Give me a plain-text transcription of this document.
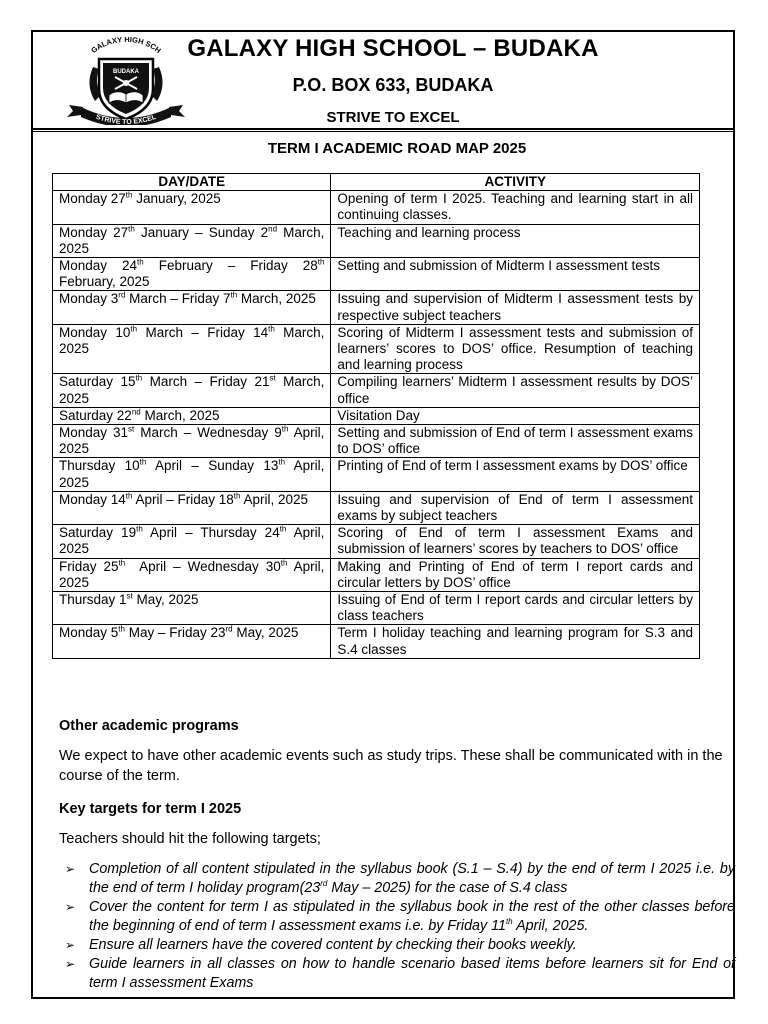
GALAXY HIGH SCH
BUDAKA
STRIVE TO EXCEL
GALAXY HIGH SCHOOL – BUDAKA
P.O. BOX 633, BUDAKA
STRIVE TO EXCEL
TERM I ACADEMIC ROAD MAP 2025
DAY/DATE	ACTIVITY
Monday 27th January, 2025	Opening of term I 2025. Teaching and learning start in all continuing classes.
Monday 27th January – Sunday 2nd March, 2025	Teaching and learning process
Monday 24th February – Friday 28th February, 2025	Setting and submission of Midterm I assessment tests
Monday 3rd March – Friday 7th March, 2025	Issuing and supervision of Midterm I assessment tests by respective subject teachers
Monday 10th March – Friday 14th March, 2025	Scoring of Midterm I assessment tests and submission of learners’ scores to DOS’ office. Resumption of teaching and learning process
Saturday 15th March – Friday 21st March, 2025	Compiling learners’ Midterm I assessment results by DOS’ office
Saturday 22nd March, 2025	Visitation Day
Monday 31st March – Wednesday 9th April, 2025	Setting and submission of End of term I assessment exams to DOS’ office
Thursday 10th April – Sunday 13th April, 2025	Printing of End of term I assessment exams by DOS’ office
Monday 14th April – Friday 18th April, 2025	Issuing and supervision of End of term I assessment exams by subject teachers
Saturday 19th April – Thursday 24th April, 2025	Scoring of End of term I assessment Exams and submission of learners’ scores by teachers to DOS’ office
Friday 25th  April – Wednesday 30th April, 2025	Making and Printing of End of term I report cards and circular letters by DOS’ office
Thursday 1st May, 2025	Issuing of End of term I report cards and circular letters by class teachers
Monday 5th May – Friday 23rd May, 2025	Term I holiday teaching and learning program for S.3 and S.4 classes
Other academic programs
We expect to have other academic events such as study trips. These shall be communicated with in the course of the term.
Key targets for term I 2025
Teachers should hit the following targets;
➢ Completion of all content stipulated in the syllabus book (S.1 – S.4) by the end of term I 2025 i.e. by the end of term I holiday program(23rd May – 2025) for the case of S.4 class
➢ Cover the content for term I as stipulated in the syllabus book in the rest of the other classes before the beginning of end of term I assessment exams i.e. by Friday 11th April, 2025.
➢ Ensure all learners have the covered content by checking their books weekly.
➢ Guide learners in all classes on how to handle scenario based items before learners sit for End of term I assessment Exams
